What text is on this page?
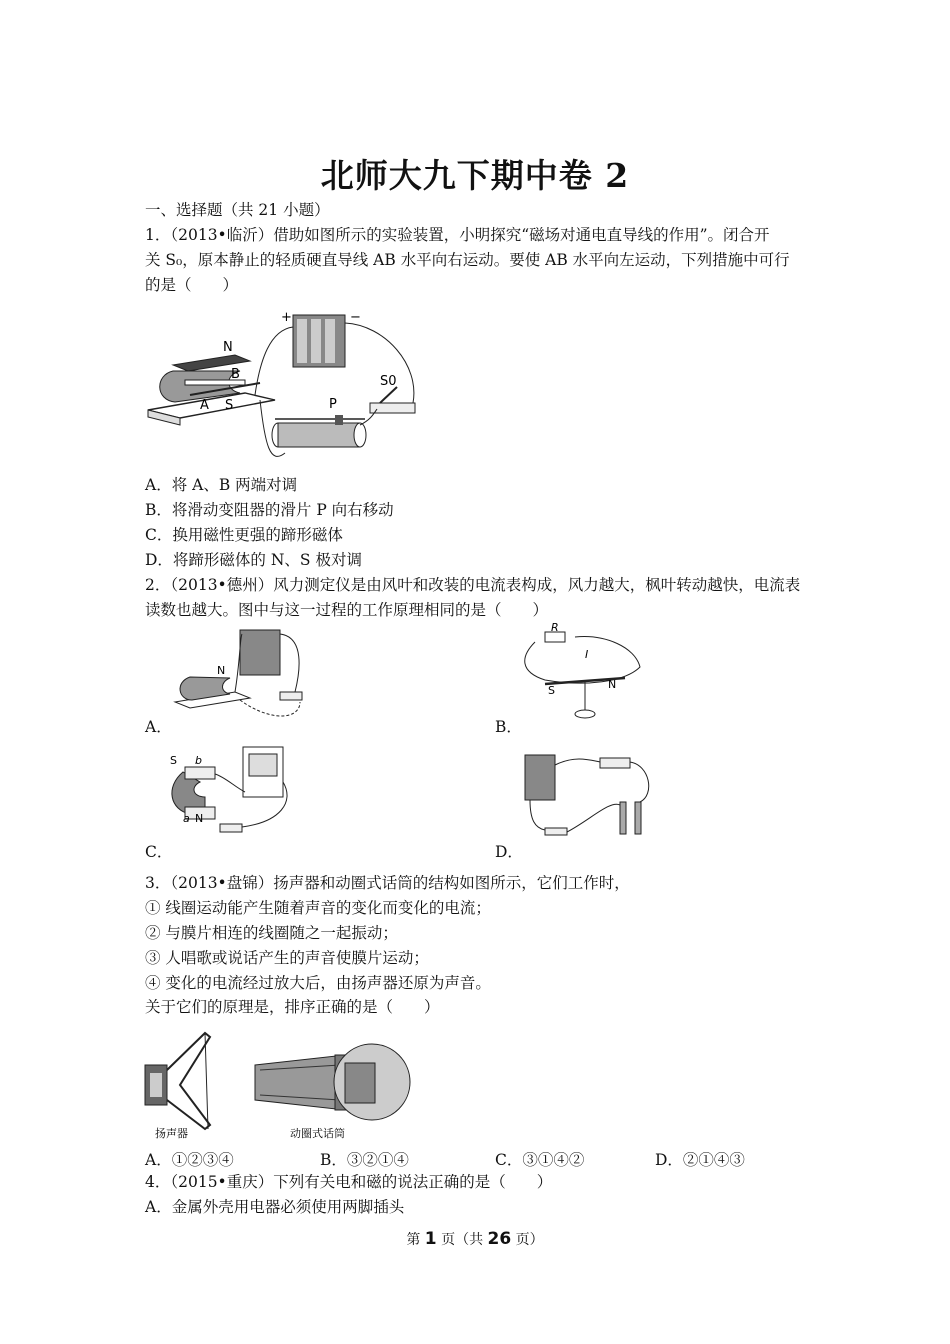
北师大九下期中卷 2
一、选择题（共 21 小题）
1．（2013•临沂）借助如图所示的实验装置，小明探究“磁场对通电直导线的作用”。闭合开
关 S₀，原本静止的轻质硬直导线 AB 水平向右运动。要使 AB 水平向左运动，下列措施中可行
的是（　　）
N
B
A S	P
S0
+	−
A．将 A、B 两端对调
B．将滑动变阻器的滑片 P 向右移动
C．换用磁性更强的蹄形磁体
D．将蹄形磁体的 N、S 极对调
2．（2013•德州）风力测定仪是由风叶和改装的电流表构成，风力越大，枫叶转动越快，电流表
读数也越大。图中与这一过程的工作原理相同的是（　　）
N
A．
R
I
S	N
B．
S b
a N
C．	D．
3．（2013•盘锦）扬声器和动圈式话筒的结构如图所示，它们工作时，
① 线圈运动能产生随着声音的变化而变化的电流；
② 与膜片相连的线圈随之一起振动；
③ 人唱歌或说话产生的声音使膜片运动；
④ 变化的电流经过放大后，由扬声器还原为声音。
关于它们的原理是，排序正确的是（　　）
扬声器	动圈式话筒
A．①②③④	B．③②①④	C．③①④②	D．②①④③
4．（2015•重庆）下列有关电和磁的说法正确的是（　　）
A．金属外壳用电器必须使用两脚插头
第 1 页（共 26 页）
